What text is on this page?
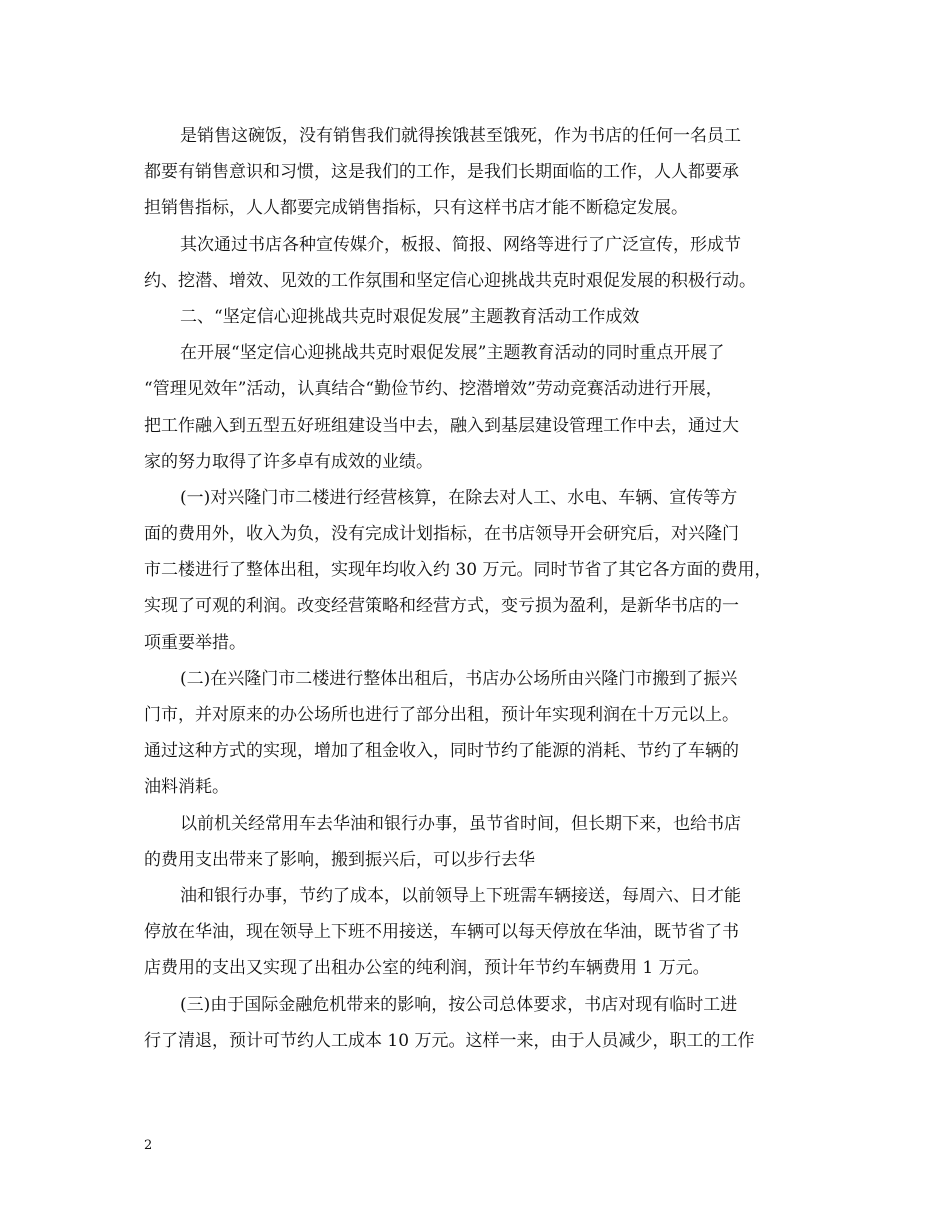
是销售这碗饭，没有销售我们就得挨饿甚至饿死，作为书店的任何一名员工
都要有销售意识和习惯，这是我们的工作，是我们长期面临的工作，人人都要承
担销售指标，人人都要完成销售指标，只有这样书店才能不断稳定发展。
其次通过书店各种宣传媒介，板报、简报、网络等进行了广泛宣传，形成节
约、挖潜、增效、见效的工作氛围和坚定信心迎挑战共克时艰促发展的积极行动。
二、“坚定信心迎挑战共克时艰促发展”主题教育活动工作成效
在开展“坚定信心迎挑战共克时艰促发展”主题教育活动的同时重点开展了
“管理见效年”活动，认真结合“勤俭节约、挖潜增效”劳动竞赛活动进行开展，
把工作融入到五型五好班组建设当中去，融入到基层建设管理工作中去，通过大
家的努力取得了许多卓有成效的业绩。
(一)对兴隆门市二楼进行经营核算，在除去对人工、水电、车辆、宣传等方
面的费用外，收入为负，没有完成计划指标，在书店领导开会研究后，对兴隆门
市二楼进行了整体出租，实现年均收入约 30 万元。同时节省了其它各方面的费用，
实现了可观的利润。改变经营策略和经营方式，变亏损为盈利，是新华书店的一
项重要举措。
(二)在兴隆门市二楼进行整体出租后，书店办公场所由兴隆门市搬到了振兴
门市，并对原来的办公场所也进行了部分出租，预计年实现利润在十万元以上。
通过这种方式的实现，增加了租金收入，同时节约了能源的消耗、节约了车辆的
油料消耗。
以前机关经常用车去华油和银行办事，虽节省时间，但长期下来，也给书店
的费用支出带来了影响，搬到振兴后，可以步行去华
油和银行办事，节约了成本，以前领导上下班需车辆接送，每周六、日才能
停放在华油，现在领导上下班不用接送，车辆可以每天停放在华油，既节省了书
店费用的支出又实现了出租办公室的纯利润，预计年节约车辆费用 1 万元。
(三)由于国际金融危机带来的影响，按公司总体要求，书店对现有临时工进
行了清退，预计可节约人工成本 10 万元。这样一来，由于人员减少，职工的工作
2
